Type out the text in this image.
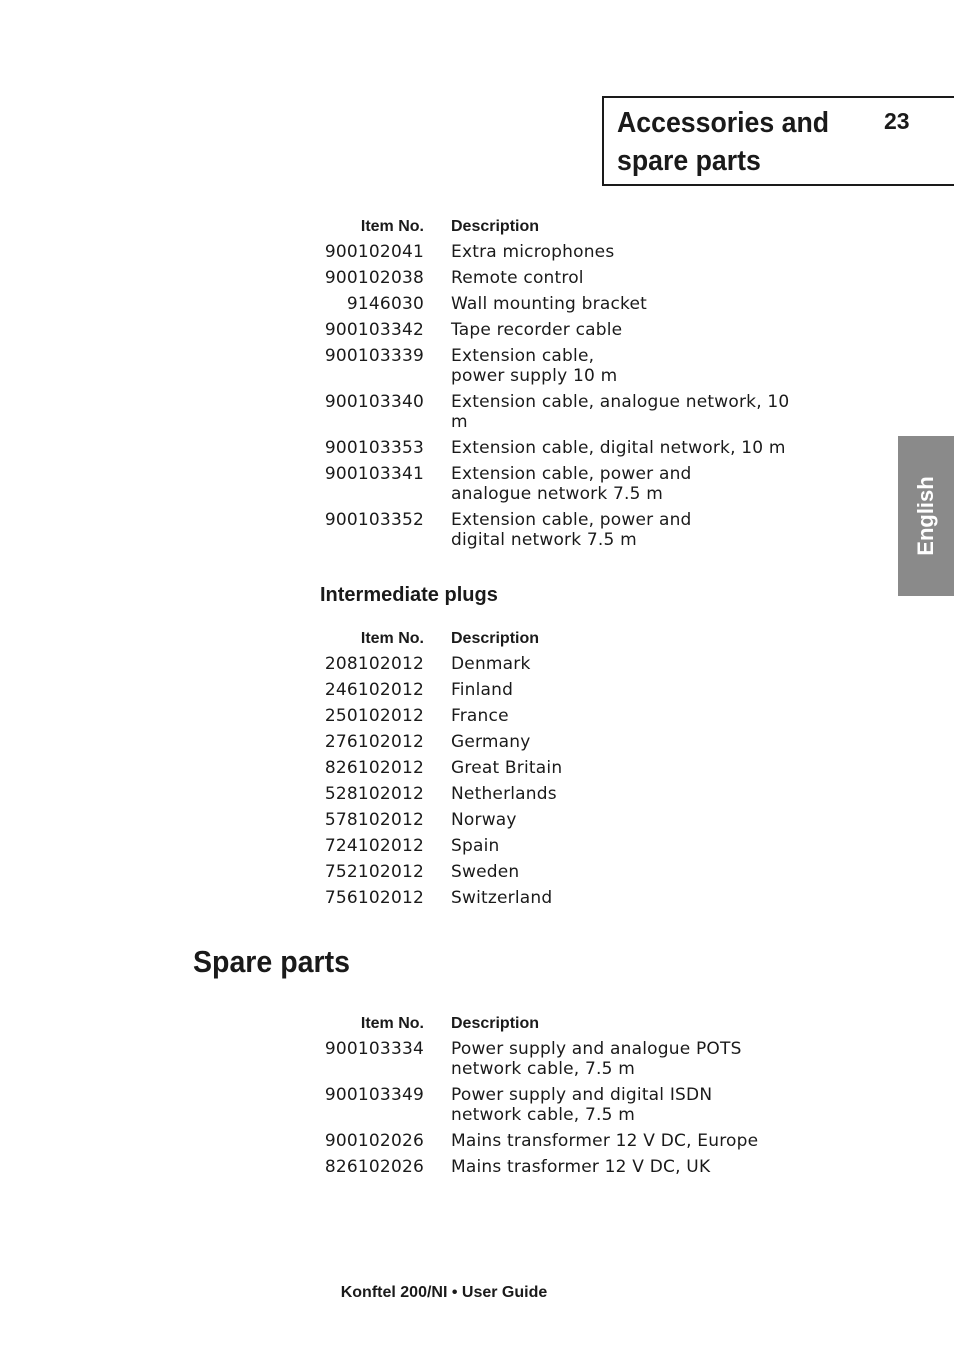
Accessories and spare parts
23
English
Item No. Description
900102041 Extra microphones
900102038 Remote control
9146030 Wall mounting bracket
900103342 Tape recorder cable
900103339 Extension cable,
power supply 10 m
900103340 Extension cable, analogue network, 10 m
900103353 Extension cable, digital network, 10 m
900103341 Extension cable, power and analogue network 7.5 m
900103352 Extension cable, power and digital network 7.5 m
Intermediate plugs
Item No. Description
208102012 Denmark
246102012 Finland
250102012 France
276102012 Germany
826102012 Great Britain
528102012 Netherlands
578102012 Norway
724102012 Spain
752102012 Sweden
756102012 Switzerland
Spare parts
Item No. Description
900103334 Power supply and analogue POTS network cable, 7.5 m
900103349 Power supply and digital ISDN network cable, 7.5 m
900102026 Mains transformer 12 V DC, Europe
826102026 Mains trasformer 12 V DC, UK
Konftel 200/NI • User Guide
